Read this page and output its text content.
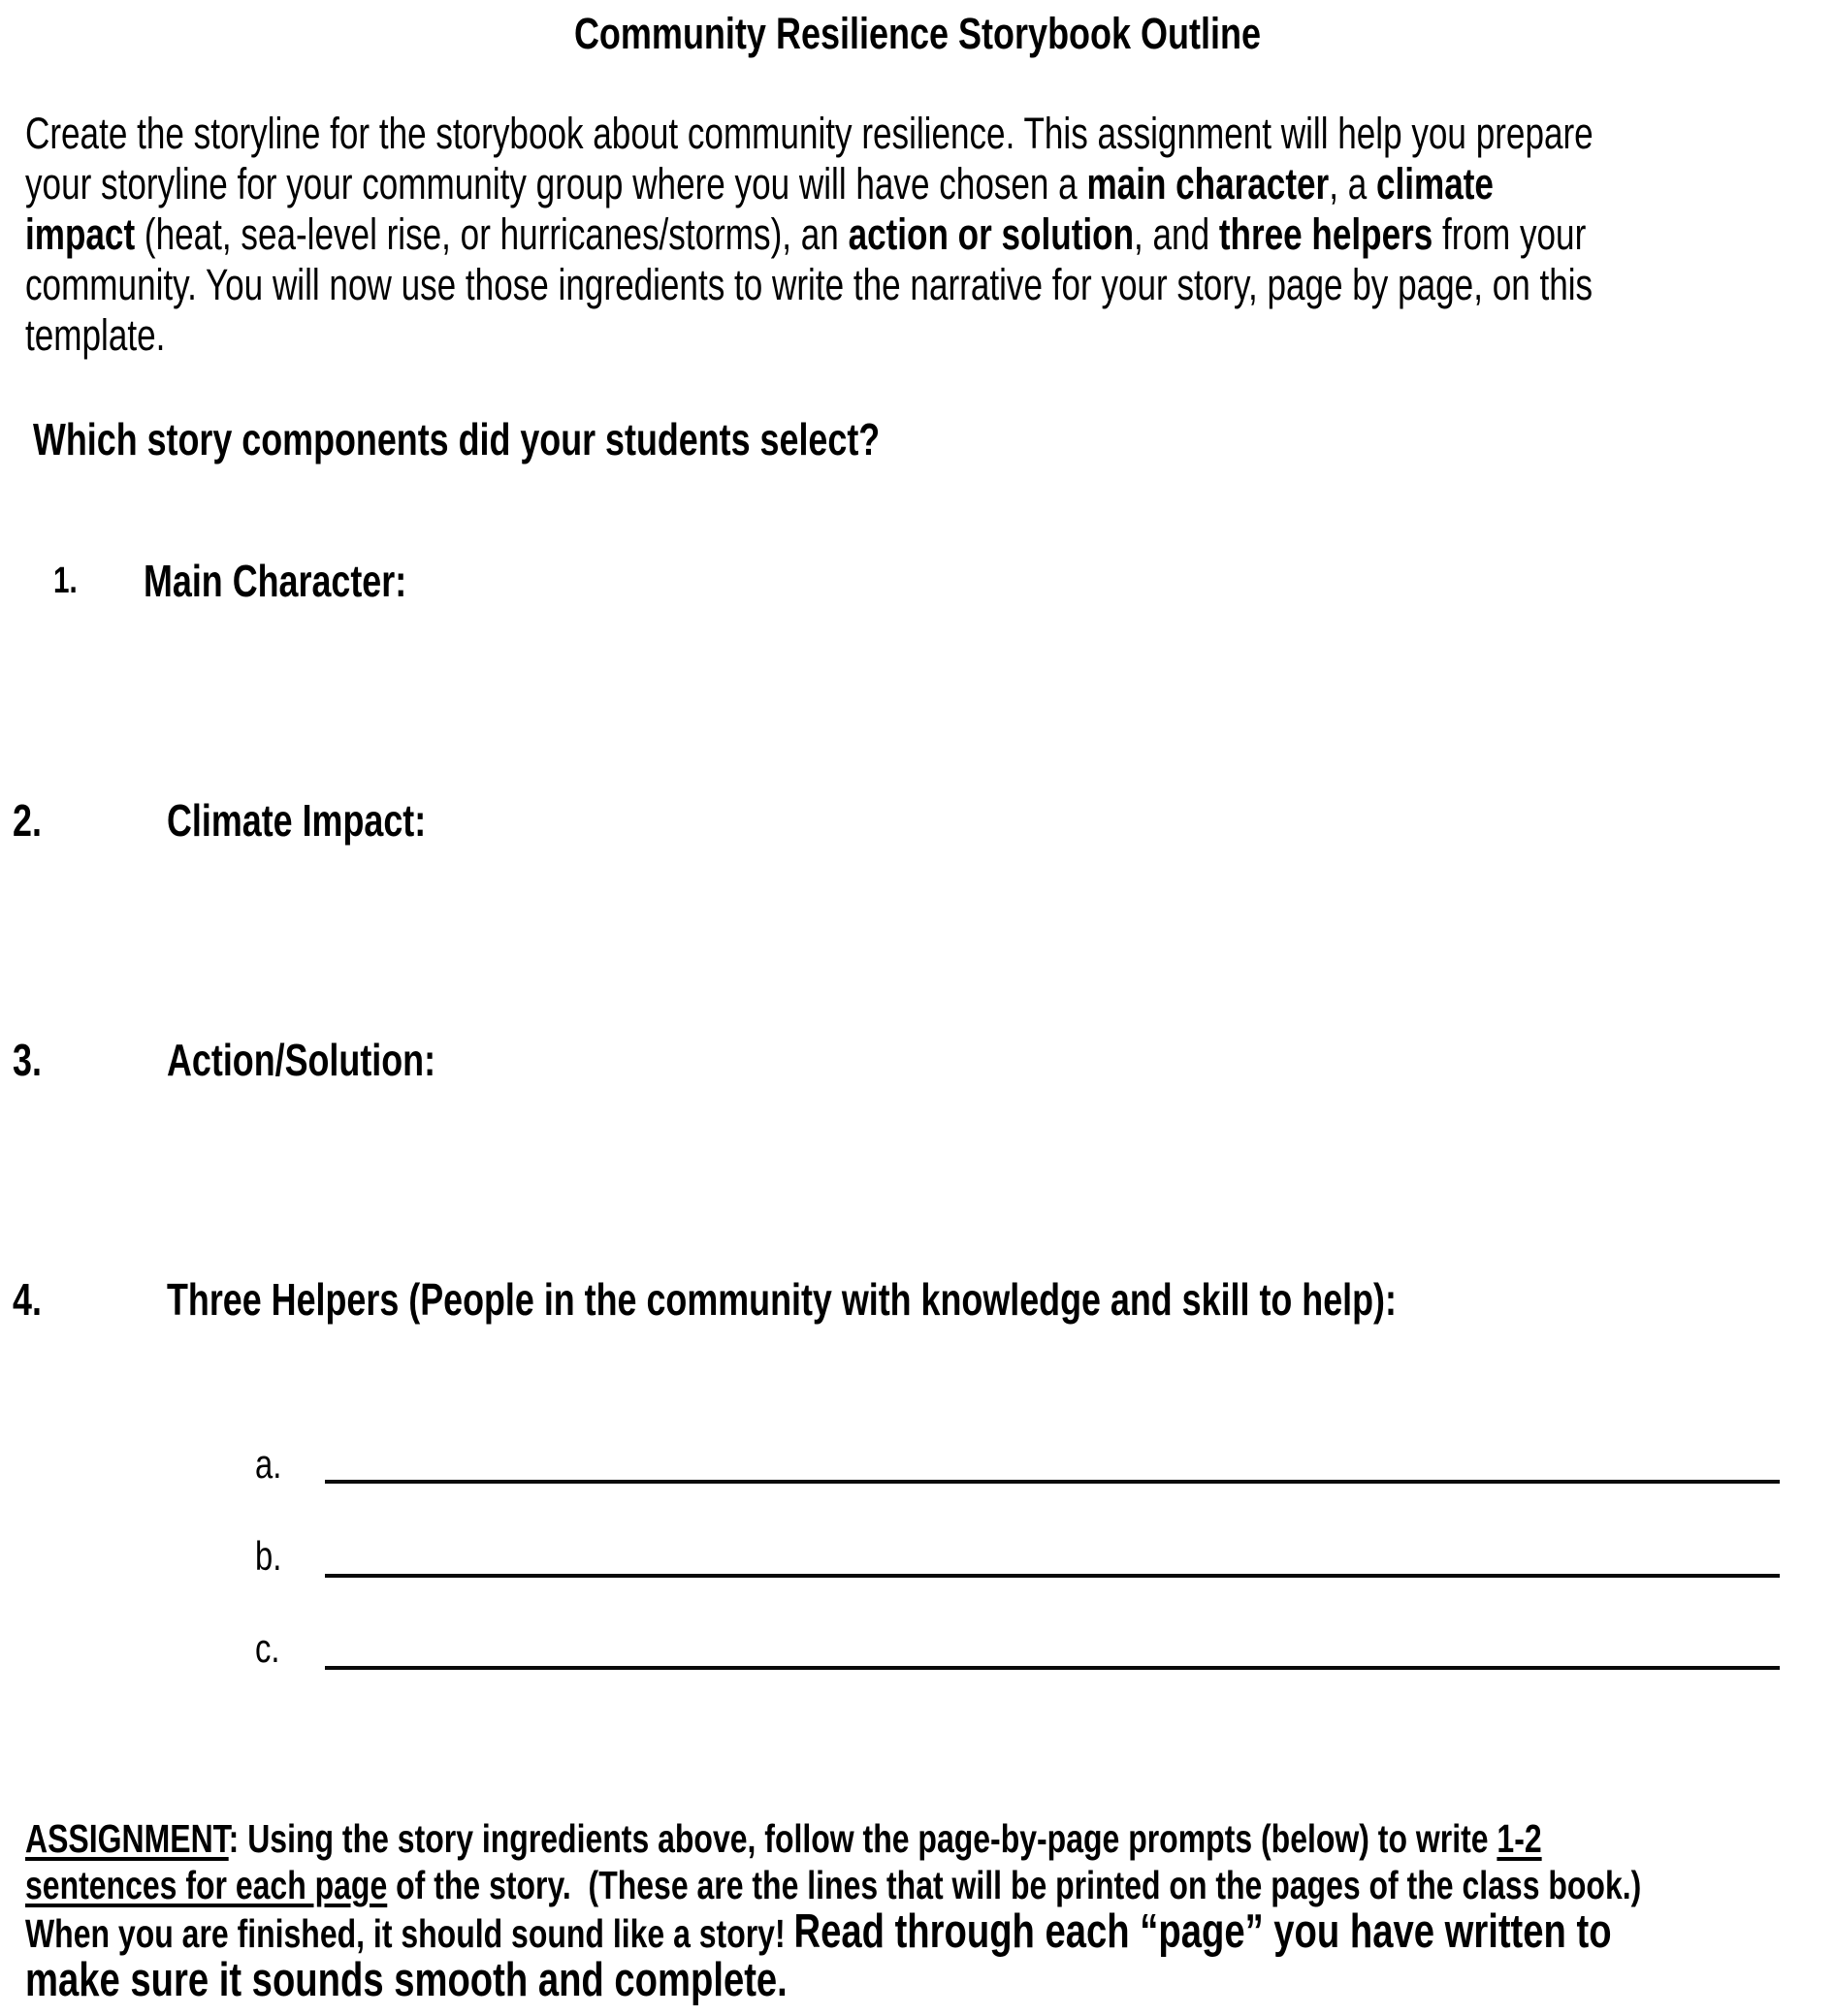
Community Resilience Storybook Outline
Create the storyline for the storybook about community resilience. This assignment will help you prepare
your storyline for your community group where you will have chosen a main character, a climate
impact (heat, sea-level rise, or hurricanes/storms), an action or solution, and three helpers from your
community. You will now use those ingredients to write the narrative for your story, page by page, on this
template.
Which story components did your students select?
1. Main Character:
2.	Climate Impact:
3.	Action/Solution:
4.	Three Helpers (People in the community with knowledge and skill to help):
a.
b.
c.
ASSIGNMENT: Using the story ingredients above, follow the page-by-page prompts (below) to write 1-2
sentences for each page of the story.  (These are the lines that will be printed on the pages of the class book.)
When you are finished, it should sound like a story! Read through each “page” you have written to
make sure it sounds smooth and complete.
